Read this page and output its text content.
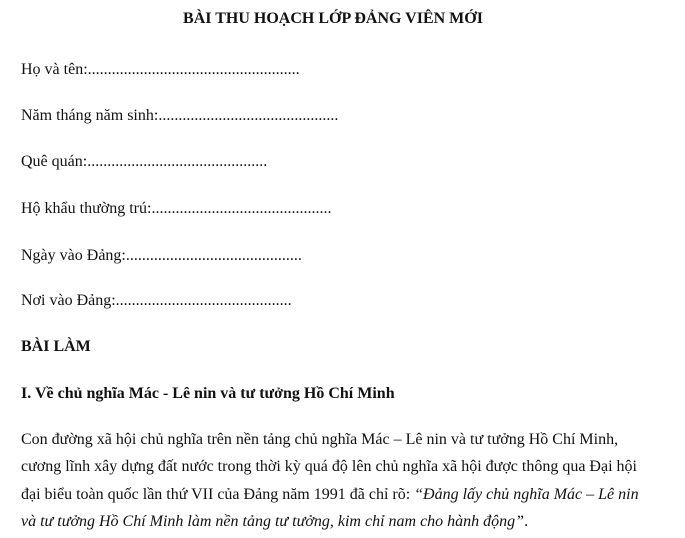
BÀI THU HOẠCH LỚP ĐẢNG VIÊN MỚI
Họ và tên:.....................................................
Năm tháng năm sinh:.............................................
Quê quán:.............................................
Hộ khẩu thường trú:.............................................
Ngày vào Đảng:............................................
Nơi vào Đảng:............................................
BÀI LÀM
I. Về chủ nghĩa Mác - Lê nin và tư tưởng Hồ Chí Minh
Con đường xã hội chủ nghĩa trên nền tảng chủ nghĩa Mác – Lê nin và tư tưởng Hồ Chí Minh,
cương lĩnh xây dựng đất nước trong thời kỳ quá độ lên chủ nghĩa xã hội được thông qua Đại hội
đại biểu toàn quốc lần thứ VII của Đảng năm 1991 đã chỉ rõ: “Đảng lấy chủ nghĩa Mác – Lê nin
và tư tưởng Hồ Chí Minh làm nền tảng tư tưởng, kim chỉ nam cho hành động”.
